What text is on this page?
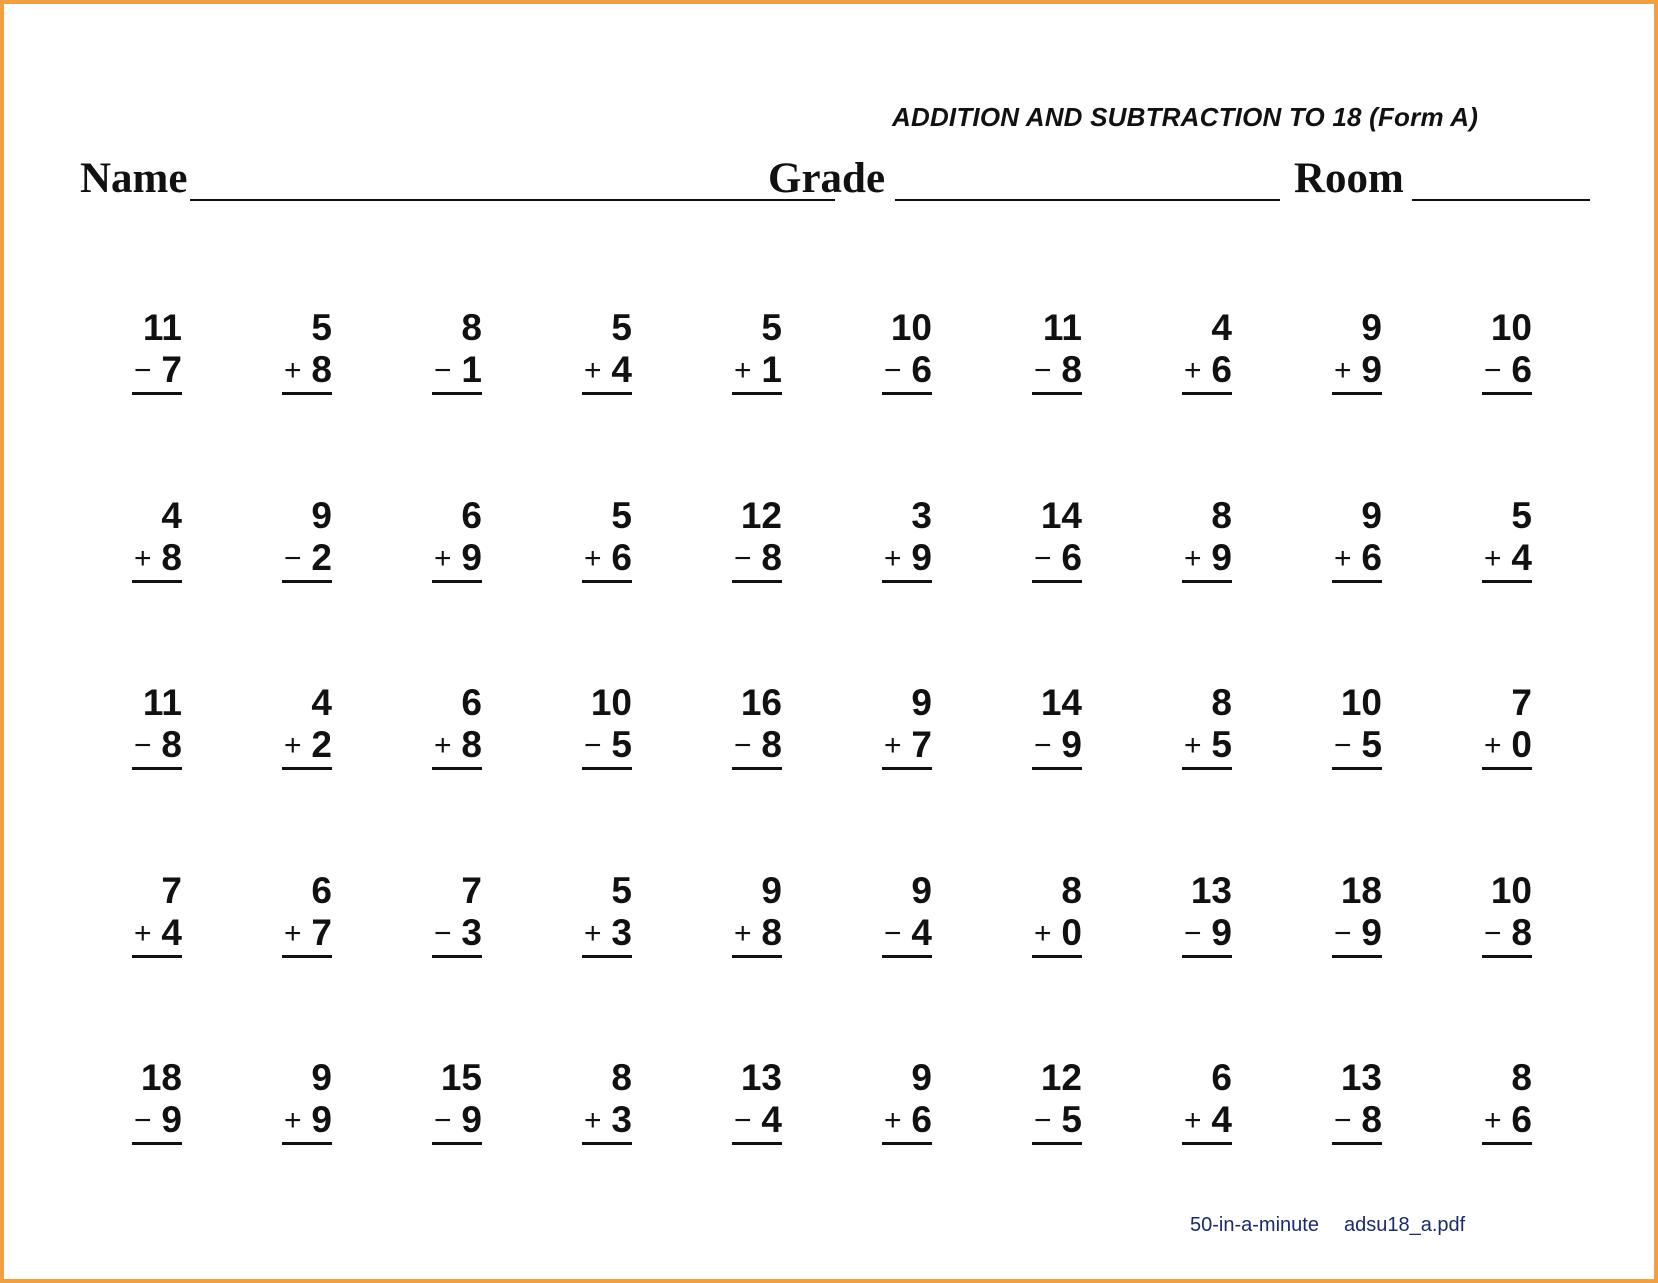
ADDITION AND SUBTRACTION TO 18 (Form A)
Name	Grade	Room
11
− 7
5
+ 8
8
− 1
5
+ 4
5
+ 1
10
− 6
11
− 8
4
+ 6
9
+ 9
10
− 6
4
+ 8
9
− 2
6
+ 9
5
+ 6
12
− 8
3
+ 9
14
− 6
8
+ 9
9
+ 6
5
+ 4
11
− 8
4
+ 2
6
+ 8
10
− 5
16
− 8
9
+ 7
14
− 9
8
+ 5
10
− 5
7
+ 0
7
+ 4
6
+ 7
7
− 3
5
+ 3
9
+ 8
9
− 4
8
+ 0
13
− 9
18
− 9
10
− 8
18
− 9
9
+ 9
15
− 9
8
+ 3
13
− 4
9
+ 6
12
− 5
6
+ 4
13
− 8
8
+ 6
50-in-a-minute adsu18_a.pdf
